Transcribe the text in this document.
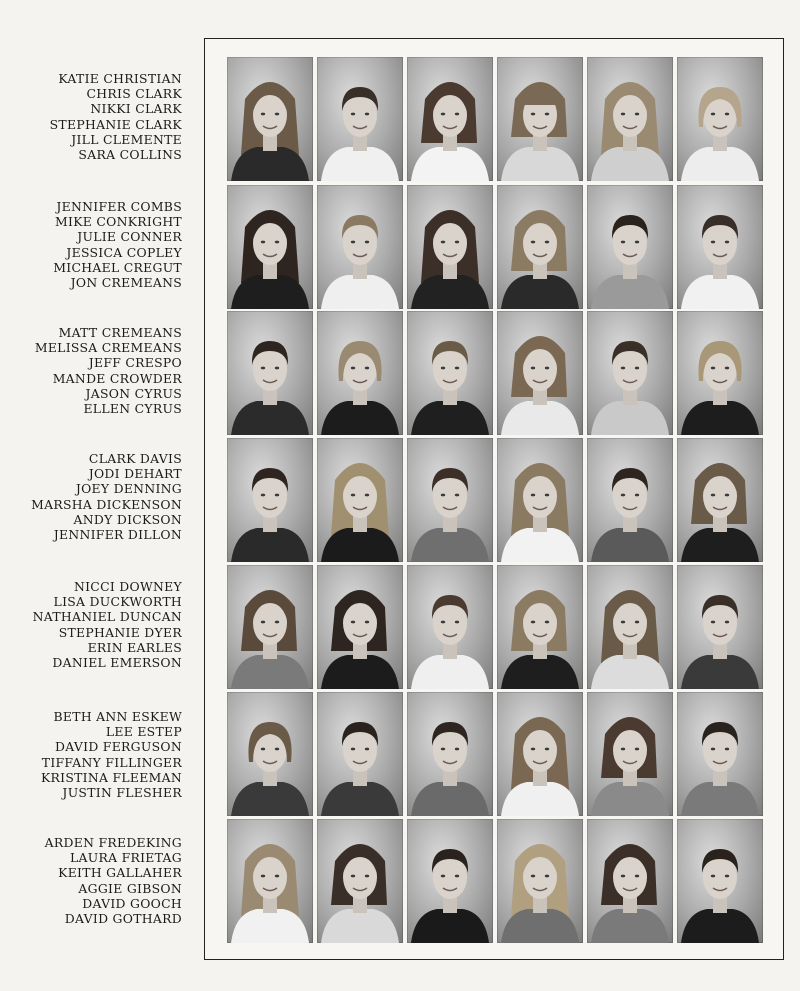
KATIE CHRISTIAN
CHRIS CLARK
NIKKI CLARK
STEPHANIE CLARK
JILL CLEMENTE
SARA COLLINS
JENNIFER COMBS
MIKE CONKRIGHT
JULIE CONNER
JESSICA COPLEY
MICHAEL CREGUT
JON CREMEANS
MATT CREMEANS
MELISSA CREMEANS
JEFF CRESPO
MANDE CROWDER
JASON CYRUS
ELLEN CYRUS
CLARK DAVIS
JODI DEHART
JOEY DENNING
MARSHA DICKENSON
ANDY DICKSON
JENNIFER DILLON
NICCI DOWNEY
LISA DUCKWORTH
NATHANIEL DUNCAN
STEPHANIE DYER
ERIN EARLES
DANIEL EMERSON
BETH ANN ESKEW
LEE ESTEP
DAVID FERGUSON
TIFFANY FILLINGER
KRISTINA FLEEMAN
JUSTIN FLESHER
ARDEN FREDEKING
LAURA FRIETAG
KEITH GALLAHER
AGGIE GIBSON
DAVID GOOCH
DAVID GOTHARD
